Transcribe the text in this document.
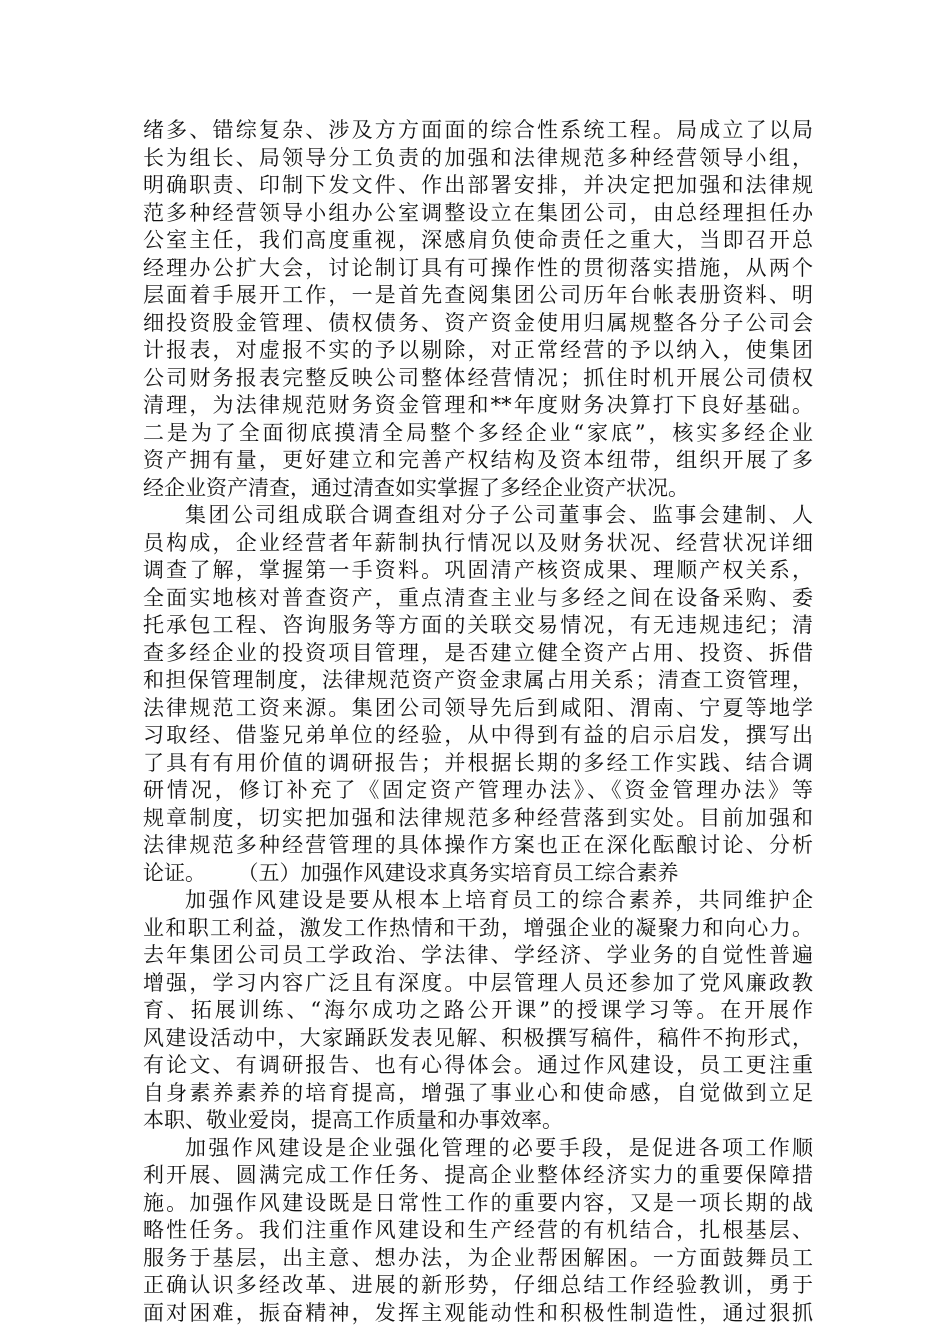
绪多、错综复杂、涉及方方面面的综合性系统工程。局成立了以局
长为组长、局领导分工负责的加强和法律规范多种经营领导小组，
明确职责、印制下发文件、作出部署安排，并决定把加强和法律规
范多种经营领导小组办公室调整设立在集团公司，由总经理担任办
公室主任，我们高度重视，深感肩负使命责任之重大，当即召开总
经理办公扩大会，讨论制订具有可操作性的贯彻落实措施，从两个
层面着手展开工作，一是首先查阅集团公司历年台帐表册资料、明
细投资股金管理、债权债务、资产资金使用归属规整各分子公司会
计报表，对虚报不实的予以剔除，对正常经营的予以纳入，使集团
公司财务报表完整反映公司整体经营情况；抓住时机开展公司债权
清理，为法律规范财务资金管理和**年度财务决算打下良好基础。
二是为了全面彻底摸清全局整个多经企业“家底”，核实多经企业
资产拥有量，更好建立和完善产权结构及资本纽带，组织开展了多
经企业资产清查，通过清查如实掌握了多经企业资产状况。
集团公司组成联合调查组对分子公司董事会、监事会建制、人
员构成，企业经营者年薪制执行情况以及财务状况、经营状况详细
调查了解，掌握第一手资料。巩固清产核资成果、理顺产权关系，
全面实地核对普查资产，重点清查主业与多经之间在设备采购、委
托承包工程、咨询服务等方面的关联交易情况，有无违规违纪；清
查多经企业的投资项目管理，是否建立健全资产占用、投资、拆借
和担保管理制度，法律规范资产资金隶属占用关系；清查工资管理，
法律规范工资来源。集团公司领导先后到咸阳、渭南、宁夏等地学
习取经、借鉴兄弟单位的经验，从中得到有益的启示启发，撰写出
了具有有用价值的调研报告；并根据长期的多经工作实践、结合调
研情况，修订补充了《固定资产管理办法》、《资金管理办法》等
规章制度，切实把加强和法律规范多种经营落到实处。目前加强和
法律规范多种经营管理的具体操作方案也正在深化酝酿讨论、分析
论证。 （五）加强作风建设求真务实培育员工综合素养
加强作风建设是要从根本上培育员工的综合素养，共同维护企
业和职工利益，激发工作热情和干劲，增强企业的凝聚力和向心力。
去年集团公司员工学政治、学法律、学经济、学业务的自觉性普遍
增强，学习内容广泛且有深度。中层管理人员还参加了党风廉政教
育、拓展训练、“海尔成功之路公开课”的授课学习等。在开展作
风建设活动中，大家踊跃发表见解、积极撰写稿件，稿件不拘形式，
有论文、有调研报告、也有心得体会。通过作风建设，员工更注重
自身素养素养的培育提高，增强了事业心和使命感，自觉做到立足
本职、敬业爱岗，提高工作质量和办事效率。
加强作风建设是企业强化管理的必要手段，是促进各项工作顺
利开展、圆满完成工作任务、提高企业整体经济实力的重要保障措
施。加强作风建设既是日常性工作的重要内容，又是一项长期的战
略性任务。我们注重作风建设和生产经营的有机结合，扎根基层、
服务于基层，出主意、想办法，为企业帮困解困。一方面鼓舞员工
正确认识多经改革、进展的新形势，仔细总结工作经验教训，勇于
面对困难，振奋精神，发挥主观能动性和积极性制造性，通过狠抓
